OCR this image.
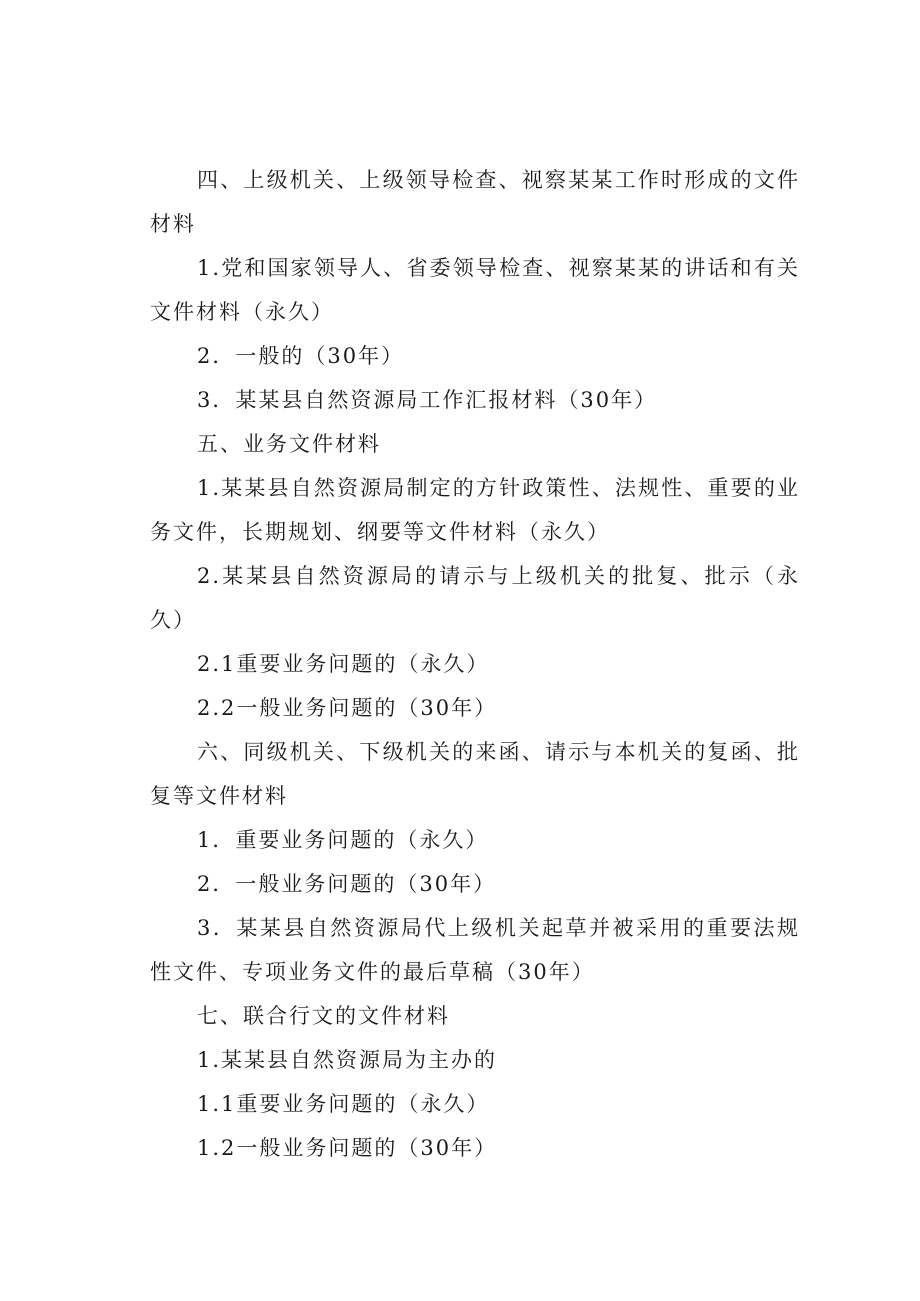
四、上级机关、上级领导检查、视察某某工作时形成的文件材料

1.党和国家领导人、省委领导检查、视察某某的讲话和有关文件材料（永久）

2．一般的（30年）

3．某某县自然资源局工作汇报材料（30年）

五、业务文件材料

1.某某县自然资源局制定的方针政策性、法规性、重要的业务文件，长期规划、纲要等文件材料（永久）

2.某某县自然资源局的请示与上级机关的批复、批示（永久）

2.1重要业务问题的（永久）

2.2一般业务问题的（30年）

六、同级机关、下级机关的来函、请示与本机关的复函、批复等文件材料

1．重要业务问题的（永久）

2．一般业务问题的（30年）

3．某某县自然资源局代上级机关起草并被采用的重要法规性文件、专项业务文件的最后草稿（30年）

七、联合行文的文件材料

1.某某县自然资源局为主办的

1.1重要业务问题的（永久）

1.2一般业务问题的（30年）
